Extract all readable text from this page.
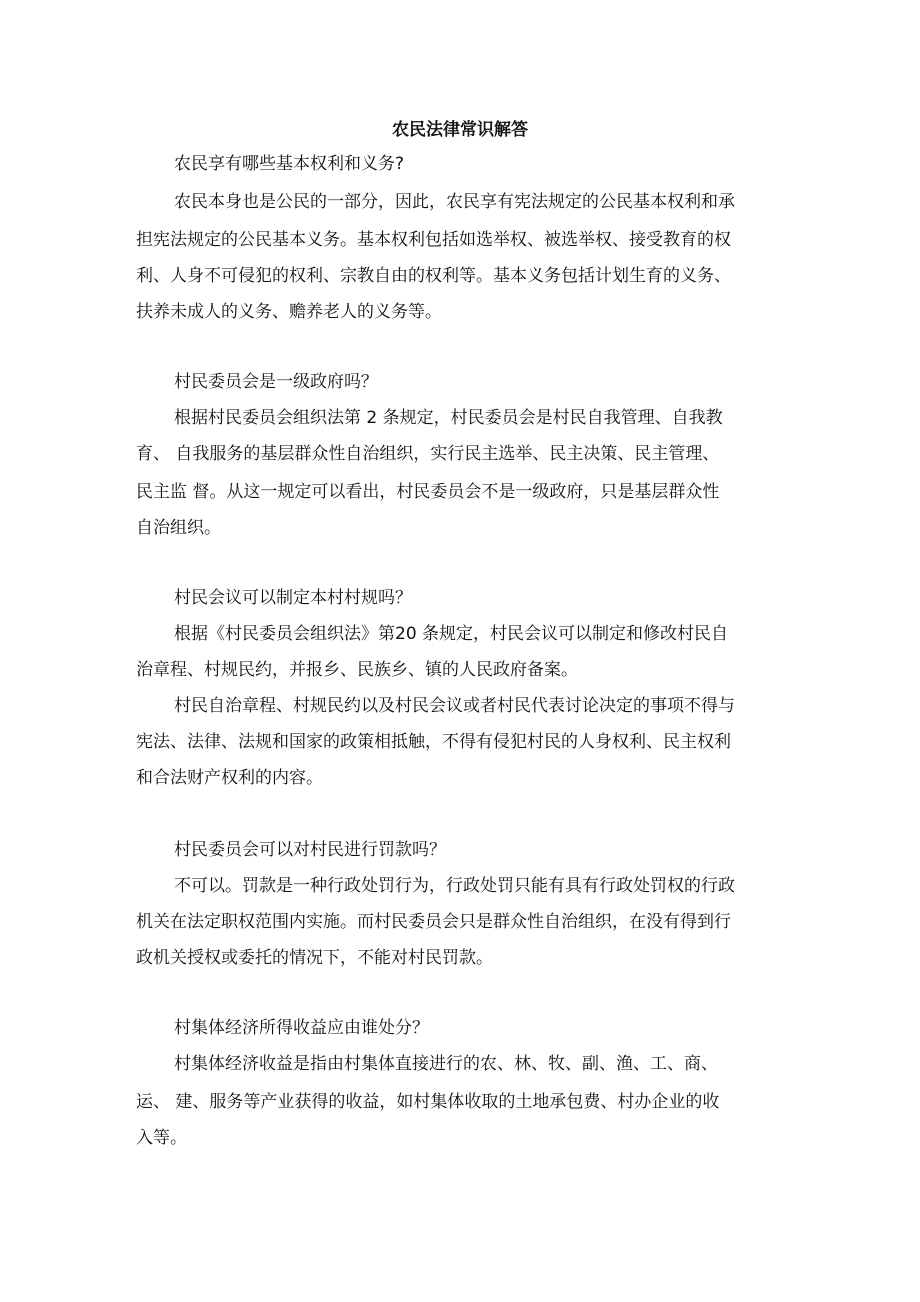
农民法律常识解答
农民享有哪些基本权利和义务?
农民本身也是公民的一部分，因此，农民享有宪法规定的公民基本权利和承
担宪法规定的公民基本义务。基本权利包括如选举权、被选举权、接受教育的权
利、人身不可侵犯的权利、宗教自由的权利等。基本义务包括计划生育的义务、
扶养未成人的义务、赡养老人的义务等。
村民委员会是一级政府吗？
根据村民委员会组织法第 2 条规定，村民委员会是村民自我管理、自我教
育、 自我服务的基层群众性自治组织，实行民主选举、民主决策、民主管理、
民主监 督。从这一规定可以看出，村民委员会不是一级政府，只是基层群众性
自治组织。
村民会议可以制定本村村规吗？
根据《村民委员会组织法》第20 条规定，村民会议可以制定和修改村民自
治章程、村规民约，并报乡、民族乡、镇的人民政府备案。
村民自治章程、村规民约以及村民会议或者村民代表讨论决定的事项不得与
宪法、法律、法规和国家的政策相抵触，不得有侵犯村民的人身权利、民主权利
和合法财产权利的内容。
村民委员会可以对村民进行罚款吗？
不可以。罚款是一种行政处罚行为，行政处罚只能有具有行政处罚权的行政
机关在法定职权范围内实施。而村民委员会只是群众性自治组织，在没有得到行
政机关授权或委托的情况下，不能对村民罚款。
村集体经济所得收益应由谁处分？
村集体经济收益是指由村集体直接进行的农、林、牧、副、渔、工、商、
运、 建、服务等产业获得的收益，如村集体收取的土地承包费、村办企业的收
入等。
